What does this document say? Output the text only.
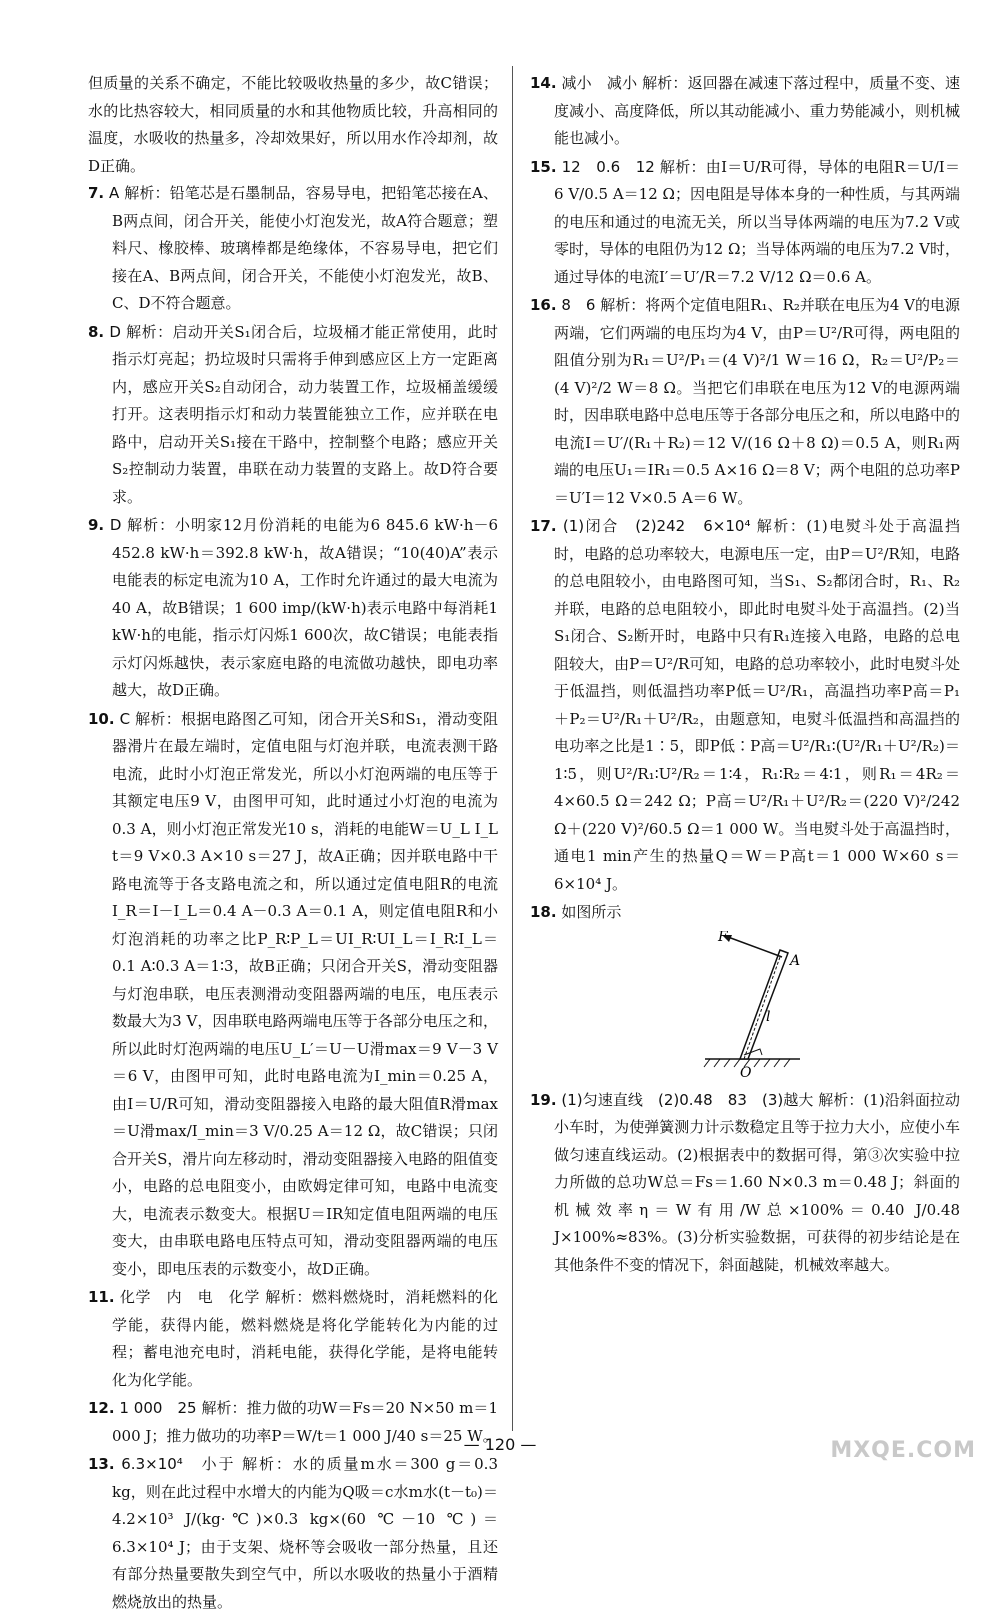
但质量的关系不确定，不能比较吸收热量的多少，故C错误；水的比热容较大，相同质量的水和其他物质比较，升高相同的温度，水吸收的热量多，冷却效果好，所以用水作冷却剂，故D正确。
7. A 解析：铅笔芯是石墨制品，容易导电，把铅笔芯接在A、B两点间，闭合开关，能使小灯泡发光，故A符合题意；塑料尺、橡胶棒、玻璃棒都是绝缘体，不容易导电，把它们接在A、B两点间，闭合开关，不能使小灯泡发光，故B、C、D不符合题意。
8. D 解析：启动开关S₁闭合后，垃圾桶才能正常使用，此时指示灯亮起；扔垃圾时只需将手伸到感应区上方一定距离内，感应开关S₂自动闭合，动力装置工作，垃圾桶盖缓缓打开。这表明指示灯和动力装置能独立工作，应并联在电路中，启动开关S₁接在干路中，控制整个电路；感应开关S₂控制动力装置，串联在动力装置的支路上。故D符合要求。
9. D 解析：小明家12月份消耗的电能为6 845.6 kW·h－6 452.8 kW·h＝392.8 kW·h，故A错误；“10(40)A”表示电能表的标定电流为10 A，工作时允许通过的最大电流为40 A，故B错误；1 600 imp/(kW·h)表示电路中每消耗1 kW·h的电能，指示灯闪烁1 600次，故C错误；电能表指示灯闪烁越快，表示家庭电路的电流做功越快，即电功率越大，故D正确。
10. C 解析：根据电路图乙可知，闭合开关S和S₁，滑动变阻器滑片在最左端时，定值电阻与灯泡并联，电流表测干路电流，此时小灯泡正常发光，所以小灯泡两端的电压等于其额定电压9 V，由图甲可知，此时通过小灯泡的电流为0.3 A，则小灯泡正常发光10 s，消耗的电能W＝U_L I_L t＝9 V×0.3 A×10 s＝27 J，故A正确；因并联电路中干路电流等于各支路电流之和，所以通过定值电阻R的电流I_R＝I－I_L＝0.4 A－0.3 A＝0.1 A，则定值电阻R和小灯泡消耗的功率之比P_R∶P_L＝UI_R∶UI_L＝I_R∶I_L＝0.1 A∶0.3 A＝1∶3，故B正确；只闭合开关S，滑动变阻器与灯泡串联，电压表测滑动变阻器两端的电压，电压表示数最大为3 V，因串联电路两端电压等于各部分电压之和，所以此时灯泡两端的电压U_L′＝U－U滑max＝9 V－3 V＝6 V，由图甲可知，此时电路电流为I_min＝0.25 A，由I＝U/R可知，滑动变阻器接入电路的最大阻值R滑max＝U滑max/I_min＝3 V/0.25 A＝12 Ω，故C错误；只闭合开关S，滑片向左移动时，滑动变阻器接入电路的阻值变小，电路的总电阻变小，由欧姆定律可知，电路中电流变大，电流表示数变大。根据U＝IR知定值电阻两端的电压变大，由串联电路电压特点可知，滑动变阻器两端的电压变小，即电压表的示数变小，故D正确。
11. 化学　内　电　化学 解析：燃料燃烧时，消耗燃料的化学能，获得内能，燃料燃烧是将化学能转化为内能的过程；蓄电池充电时，消耗电能，获得化学能，是将电能转化为化学能。
12. 1 000　25 解析：推力做的功W＝Fs＝20 N×50 m＝1 000 J；推力做功的功率P＝W/t＝1 000 J/40 s＝25 W。
13. 6.3×10⁴　小于 解析：水的质量m水＝300 g＝0.3 kg，则在此过程中水增大的内能为Q吸＝c水m水(t－t₀)＝4.2×10³ J/(kg·℃)×0.3 kg×(60 ℃－10 ℃)＝6.3×10⁴ J；由于支架、烧杯等会吸收一部分热量，且还有部分热量要散失到空气中，所以水吸收的热量小于酒精燃烧放出的热量。
14. 减小　减小 解析：返回器在减速下落过程中，质量不变、速度减小、高度降低，所以其动能减小、重力势能减小，则机械能也减小。
15. 12　0.6　12 解析：由I＝U/R可得，导体的电阻R＝U/I＝6 V/0.5 A＝12 Ω；因电阻是导体本身的一种性质，与其两端的电压和通过的电流无关，所以当导体两端的电压为7.2 V或零时，导体的电阻仍为12 Ω；当导体两端的电压为7.2 V时，通过导体的电流I′＝U′/R＝7.2 V/12 Ω＝0.6 A。
16. 8　6 解析：将两个定值电阻R₁、R₂并联在电压为4 V的电源两端，它们两端的电压均为4 V，由P＝U²/R可得，两电阻的阻值分别为R₁＝U²/P₁＝(4 V)²/1 W＝16 Ω，R₂＝U²/P₂＝(4 V)²/2 W＝8 Ω。当把它们串联在电压为12 V的电源两端时，因串联电路中总电压等于各部分电压之和，所以电路中的电流I＝U′/(R₁＋R₂)＝12 V/(16 Ω＋8 Ω)＝0.5 A，则R₁两端的电压U₁＝IR₁＝0.5 A×16 Ω＝8 V；两个电阻的总功率P＝U′I＝12 V×0.5 A＝6 W。
17. (1)闭合　(2)242　6×10⁴ 解析：(1)电熨斗处于高温挡时，电路的总功率较大，电源电压一定，由P＝U²/R知，电路的总电阻较小，由电路图可知，当S₁、S₂都闭合时，R₁、R₂并联，电路的总电阻较小，即此时电熨斗处于高温挡。(2)当S₁闭合、S₂断开时，电路中只有R₁连接入电路，电路的总电阻较大，由P＝U²/R可知，电路的总功率较小，此时电熨斗处于低温挡，则低温挡功率P低＝U²/R₁，高温挡功率P高＝P₁＋P₂＝U²/R₁＋U²/R₂，由题意知，电熨斗低温挡和高温挡的电功率之比是1∶5，即P低∶P高＝U²/R₁∶(U²/R₁＋U²/R₂)＝1∶5，则U²/R₁∶U²/R₂＝1∶4，R₁∶R₂＝4∶1，则R₁＝4R₂＝4×60.5 Ω＝242 Ω；P高＝U²/R₁＋U²/R₂＝(220 V)²/242 Ω＋(220 V)²/60.5 Ω＝1 000 W。当电熨斗处于高温挡时，通电1 min产生的热量Q＝W＝P高t＝1 000 W×60 s＝6×10⁴ J。
18. 如图所示
F
A
l
O
19. (1)匀速直线　(2)0.48　83　(3)越大 解析：(1)沿斜面拉动小车时，为使弹簧测力计示数稳定且等于拉力大小，应使小车做匀速直线运动。(2)根据表中的数据可得，第③次实验中拉力所做的总功W总＝Fs＝1.60 N×0.3 m＝0.48 J；斜面的机械效率η＝W有用/W总×100%＝0.40 J/0.48 J×100%≈83%。(3)分析实验数据，可获得的初步结论是在其他条件不变的情况下，斜面越陡，机械效率越大。
— 120 —	MXQE.COM
